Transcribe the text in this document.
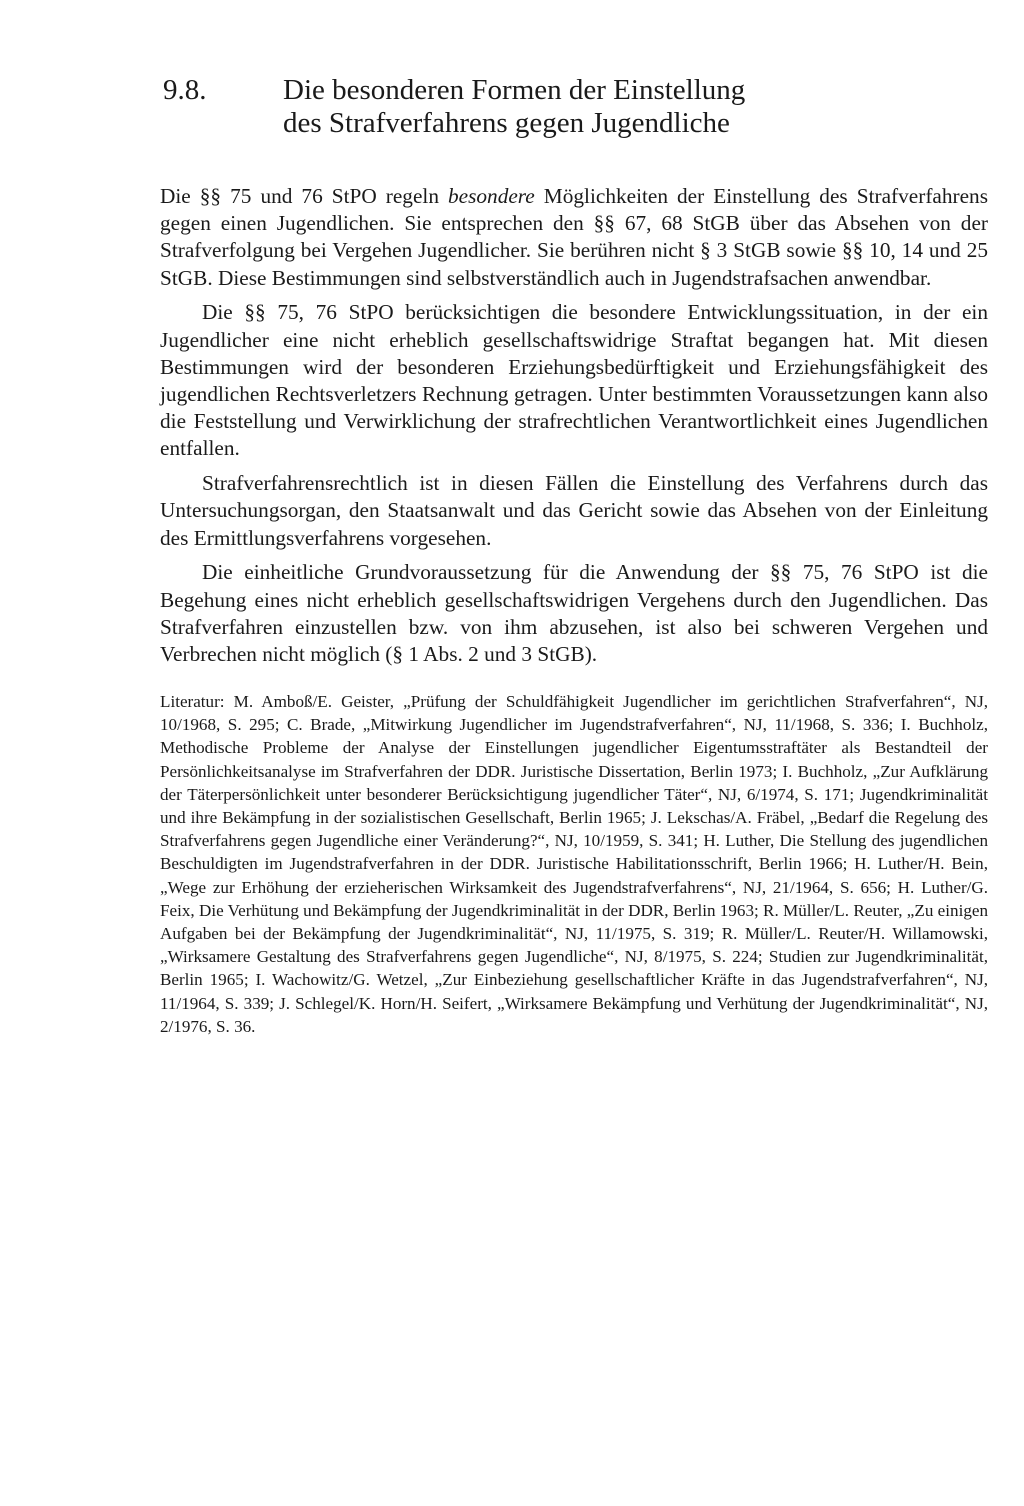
9.8.	Die besonderen Formen der Einstellung
des Strafverfahrens gegen Jugendliche

Die §§ 75 und 76 StPO regeln besondere Möglichkeiten der Einstellung des Strafverfahrens gegen einen Jugendlichen. Sie entsprechen den §§ 67, 68 StGB über das Absehen von der Strafverfolgung bei Vergehen Jugendlicher. Sie berühren nicht § 3 StGB sowie §§ 10, 14 und 25 StGB. Diese Bestimmungen sind selbstverständlich auch in Jugendstrafsachen anwendbar.

Die §§ 75, 76 StPO berücksichtigen die besondere Entwicklungssituation, in der ein Jugendlicher eine nicht erheblich gesellschaftswidrige Straftat begangen hat. Mit diesen Bestimmungen wird der besonderen Erziehungsbedürftigkeit und Erziehungsfähigkeit des jugendlichen Rechtsverletzers Rechnung getragen. Unter bestimmten Voraussetzungen kann also die Feststellung und Verwirklichung der strafrechtlichen Verantwortlichkeit eines Jugendlichen entfallen.

Strafverfahrensrechtlich ist in diesen Fällen die Einstellung des Verfahrens durch das Untersuchungsorgan, den Staatsanwalt und das Gericht sowie das Absehen von der Einleitung des Ermittlungsverfahrens vorgesehen.

Die einheitliche Grundvoraussetzung für die Anwendung der §§ 75, 76 StPO ist die Begehung eines nicht erheblich gesellschaftswidrigen Vergehens durch den Jugendlichen. Das Strafverfahren einzustellen bzw. von ihm abzusehen, ist also bei schweren Vergehen und Verbrechen nicht möglich (§ 1 Abs. 2 und 3 StGB).

Literatur: M. Amboß/E. Geister, „Prüfung der Schuldfähigkeit Jugendlicher im gerichtlichen Strafverfahren“, NJ, 10/1968, S. 295; C. Brade, „Mitwirkung Jugendlicher im Jugendstrafverfahren“, NJ, 11/1968, S. 336; I. Buchholz, Methodische Probleme der Analyse der Einstellungen jugendlicher Eigentumsstraftäter als Bestandteil der Persönlichkeitsanalyse im Strafverfahren der DDR. Juristische Dissertation, Berlin 1973; I. Buchholz, „Zur Aufklärung der Täterpersönlichkeit unter besonderer Berücksichtigung jugendlicher Täter“, NJ, 6/1974, S. 171; Jugendkriminalität und ihre Bekämpfung in der sozialistischen Gesellschaft, Berlin 1965; J. Lekschas/A. Fräbel, „Bedarf die Regelung des Strafverfahrens gegen Jugendliche einer Veränderung?“, NJ, 10/1959, S. 341; H. Luther, Die Stellung des jugendlichen Beschuldigten im Jugendstrafverfahren in der DDR. Juristische Habilitationsschrift, Berlin 1966; H. Luther/H. Bein, „Wege zur Erhöhung der erzieherischen Wirksamkeit des Jugendstrafverfahrens“, NJ, 21/1964, S. 656; H. Luther/G. Feix, Die Verhütung und Bekämpfung der Jugendkriminalität in der DDR, Berlin 1963; R. Müller/L. Reuter, „Zu einigen Aufgaben bei der Bekämpfung der Jugendkriminalität“, NJ, 11/1975, S. 319; R. Müller/L. Reuter/H. Willamowski, „Wirksamere Gestaltung des Strafverfahrens gegen Jugendliche“, NJ, 8/1975, S. 224; Studien zur Jugendkriminalität, Berlin 1965; I. Wachowitz/G. Wetzel, „Zur Einbeziehung gesellschaftlicher Kräfte in das Jugendstrafverfahren“, NJ, 11/1964, S. 339; J. Schlegel/K. Horn/H. Seifert, „Wirksamere Bekämpfung und Verhütung der Jugendkriminalität“, NJ, 2/1976, S. 36.
